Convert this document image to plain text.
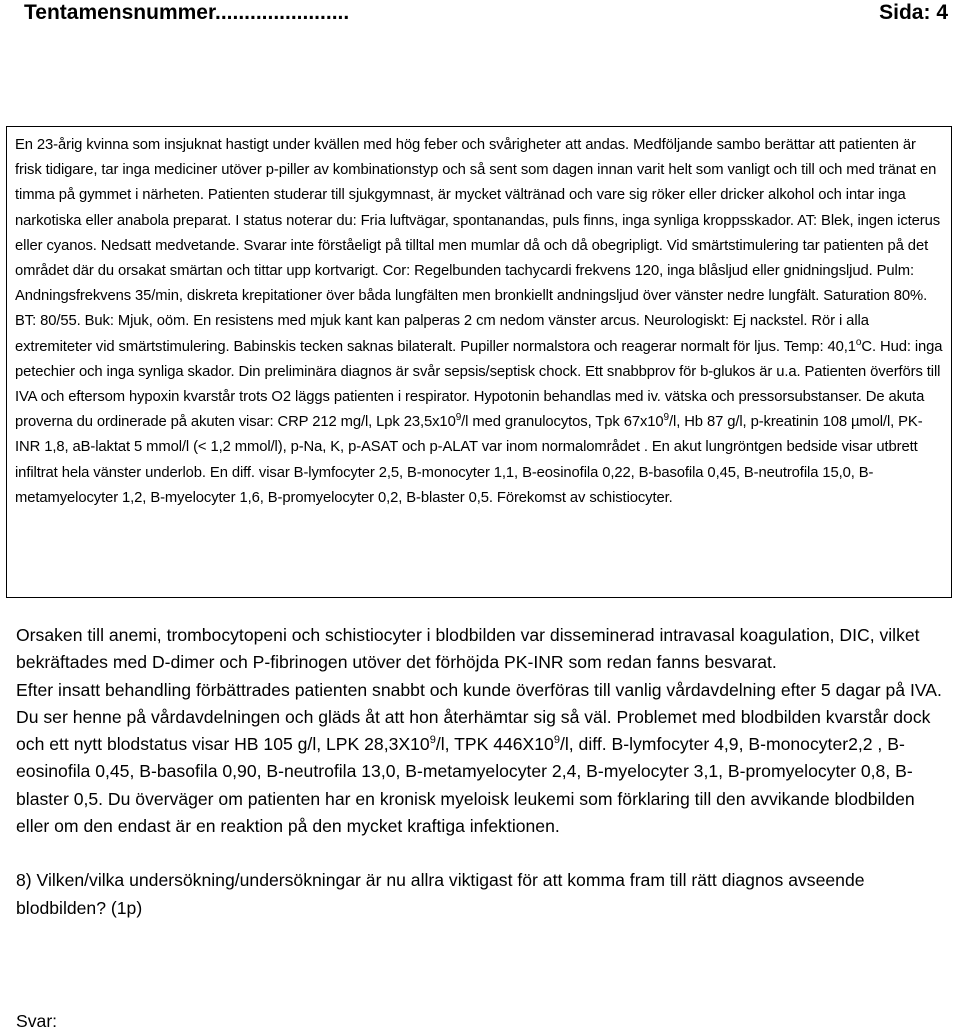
Tentamensnummer.......................	Sida: 4

En 23-årig kvinna som insjuknat hastigt under kvällen med hög feber och svårigheter att andas. Medföljande sambo berättar att patienten är frisk tidigare, tar inga mediciner utöver p-piller av kombinationstyp och så sent som dagen innan varit helt som vanligt och till och med tränat en timma på gymmet i närheten. Patienten studerar till sjukgymnast, är mycket vältränad och vare sig röker eller dricker alkohol och intar inga narkotiska eller anabola preparat. I status noterar du: Fria luftvägar, spontanandas, puls finns, inga synliga kroppsskador. AT: Blek, ingen icterus eller cyanos. Nedsatt medvetande. Svarar inte förståeligt på tilltal men mumlar då och då obegripligt. Vid smärtstimulering tar patienten på det området där du orsakat smärtan och tittar upp kortvarigt. Cor: Regelbunden tachycardi frekvens 120, inga blåsljud eller gnidningsljud. Pulm: Andningsfrekvens 35/min, diskreta krepitationer över båda lungfälten men bronkiellt andningsljud över vänster nedre lungfält. Saturation 80%. BT: 80/55. Buk: Mjuk, oöm. En resistens med mjuk kant kan palperas 2 cm nedom vänster arcus. Neurologiskt: Ej nackstel. Rör i alla extremiteter vid smärtstimulering. Babinskis tecken saknas bilateralt. Pupiller normalstora och reagerar normalt för ljus. Temp: 40,1$^o$C. Hud: inga petechier och inga synliga skador. Din preliminära diagnos är svår sepsis/septisk chock. Ett snabbprov för b-glukos är u.a. Patienten överförs till IVA och eftersom hypoxin kvarstår trots O2 läggs patienten i respirator. Hypotonin behandlas med iv. vätska och pressorsubstanser. De akuta proverna du ordinerade på akuten visar: CRP 212 mg/l, Lpk $23,5x10^9/l$ med granulocytos, Tpk $67x10^9/l$, Hb 87 g/l, p-kreatinin 108 µmol/l, PK-INR 1,8, aB-laktat 5 mmol/l (< 1,2 mmol/l), p-Na, K, p-ASAT och p-ALAT var inom normalområdet . En akut lungröntgen bedside visar utbrett infiltrat hela vänster underlob. En diff. visar B-lymfocyter 2,5, B-monocyter 1,1, B-eosinofila 0,22, B-basofila 0,45, B-neutrofila 15,0, B-metamyelocyter 1,2, B-myelocyter 1,6, B-promyelocyter 0,2, B-blaster 0,5. Förekomst av schistiocyter.

Orsaken till anemi, trombocytopeni och schistiocyter i blodbilden var disseminerad intravasal koagulation, DIC, vilket bekräftades med D-dimer och P-fibrinogen utöver det förhöjda PK-INR som redan fanns besvarat.

Efter insatt behandling förbättrades patienten snabbt och kunde överföras till vanlig vårdavdelning efter 5 dagar på IVA. Du ser henne på vårdavdelningen och gläds åt att hon återhämtar sig så väl. Problemet med blodbilden kvarstår dock och ett nytt blodstatus visar HB 105 g/l, LPK $28,3X10^9/l$, TPK $446X10^9/l$, diff. B-lymfocyter 4,9, B-monocyter2,2 , B-eosinofila 0,45, B-basofila 0,90, B-neutrofila 13,0, B-metamyelocyter 2,4, B-myelocyter 3,1, B-promyelocyter 0,8, B-blaster 0,5. Du överväger om patienten har en kronisk myeloisk leukemi som förklaring till den avvikande blodbilden eller om den endast är en reaktion på den mycket kraftiga infektionen.

8) Vilken/vilka undersökning/undersökningar är nu allra viktigast för att komma fram till rätt diagnos avseende blodbilden? (1p)

Svar:
